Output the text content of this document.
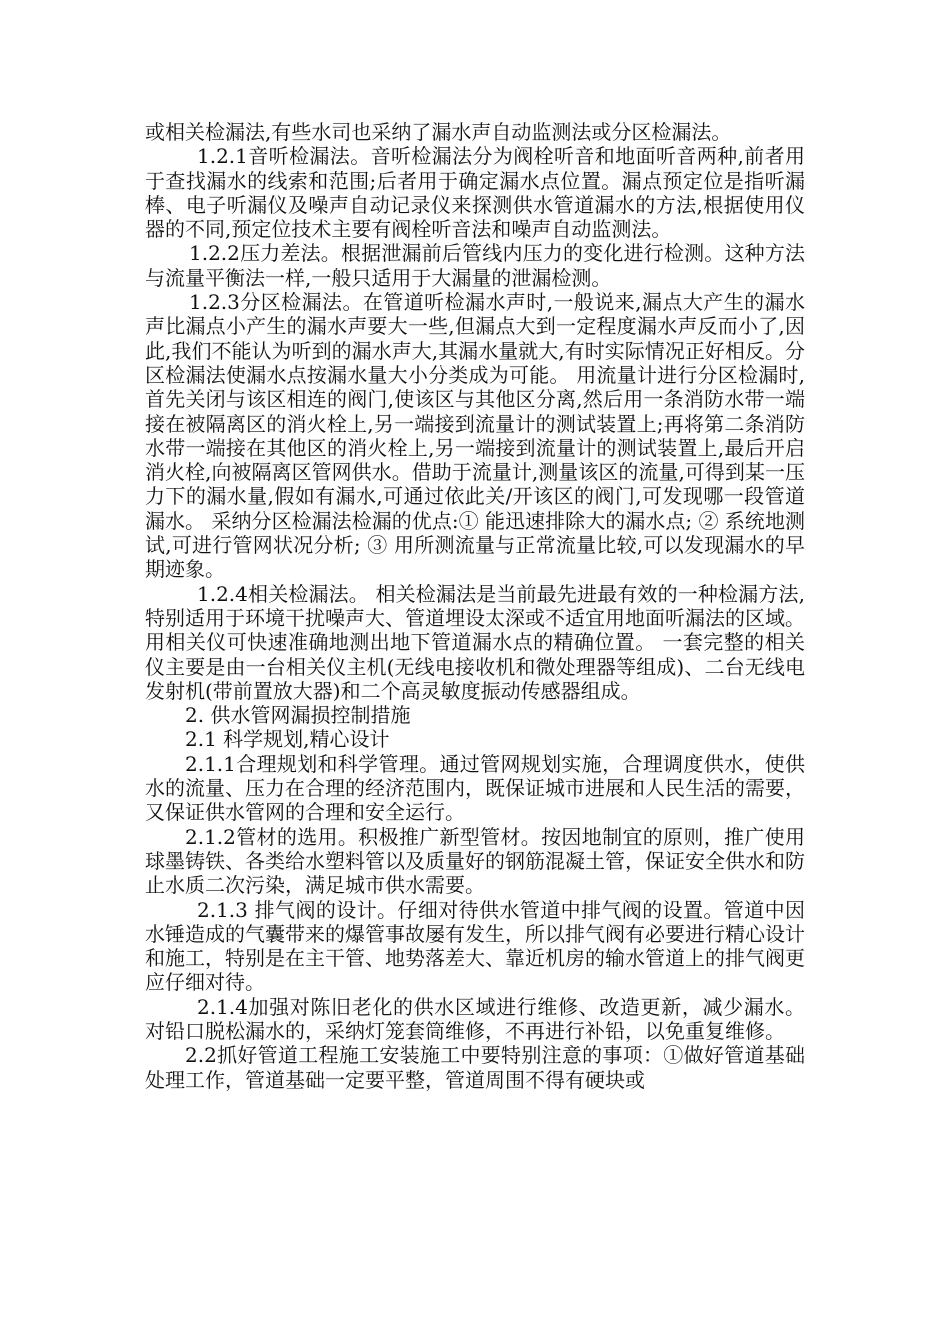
或相关检漏法,有些水司也采纳了漏水声自动监测法或分区检漏法。

1.2.1音听检漏法。音听检漏法分为阀栓听音和地面听音两种,前者用于查找漏水的线索和范围;后者用于确定漏水点位置。漏点预定位是指听漏棒、电子听漏仪及噪声自动记录仪来探测供水管道漏水的方法,根据使用仪器的不同,预定位技术主要有阀栓听音法和噪声自动监测法。

1.2.2压力差法。根据泄漏前后管线内压力的变化进行检测。这种方法与流量平衡法一样,一般只适用于大漏量的泄漏检测。

1.2.3分区检漏法。在管道听检漏水声时,一般说来,漏点大产生的漏水声比漏点小产生的漏水声要大一些,但漏点大到一定程度漏水声反而小了,因此,我们不能认为听到的漏水声大,其漏水量就大,有时实际情况正好相反。分区检漏法使漏水点按漏水量大小分类成为可能。 用流量计进行分区检漏时,首先关闭与该区相连的阀门,使该区与其他区分离,然后用一条消防水带一端接在被隔离区的消火栓上,另一端接到流量计的测试装置上;再将第二条消防水带一端接在其他区的消火栓上,另一端接到流量计的测试装置上,最后开启消火栓,向被隔离区管网供水。借助于流量计,测量该区的流量,可得到某一压力下的漏水量,假如有漏水,可通过依此关/开该区的阀门,可发现哪一段管道漏水。 采纳分区检漏法检漏的优点:① 能迅速排除大的漏水点; ② 系统地测试,可进行管网状况分析; ③ 用所测流量与正常流量比较,可以发现漏水的早期迹象。

1.2.4相关检漏法。 相关检漏法是当前最先进最有效的一种检漏方法,特别适用于环境干扰噪声大、管道埋设太深或不适宜用地面听漏法的区域。用相关仪可快速准确地测出地下管道漏水点的精确位置。 一套完整的相关仪主要是由一台相关仪主机(无线电接收机和微处理器等组成)、二台无线电发射机(带前置放大器)和二个高灵敏度振动传感器组成。

2. 供水管网漏损控制措施

2.1 科学规划,精心设计

2.1.1合理规划和科学管理。通过管网规划实施，合理调度供水，使供水的流量、压力在合理的经济范围内，既保证城市进展和人民生活的需要，又保证供水管网的合理和安全运行。

2.1.2管材的选用。积极推广新型管材。按因地制宜的原则，推广使用球墨铸铁、各类给水塑料管以及质量好的钢筋混凝土管，保证安全供水和防止水质二次污染，满足城市供水需要。

2.1.3 排气阀的设计。仔细对待供水管道中排气阀的设置。管道中因水锤造成的气囊带来的爆管事故屡有发生，所以排气阀有必要进行精心设计和施工，特别是在主干管、地势落差大、靠近机房的输水管道上的排气阀更应仔细对待。

2.1.4加强对陈旧老化的供水区域进行维修、改造更新，减少漏水。对铅口脱松漏水的，采纳灯笼套筒维修，不再进行补铅，以免重复维修。

2.2抓好管道工程施工安装施工中要特别注意的事项：①做好管道基础处理工作，管道基础一定要平整，管道周围不得有硬块或
